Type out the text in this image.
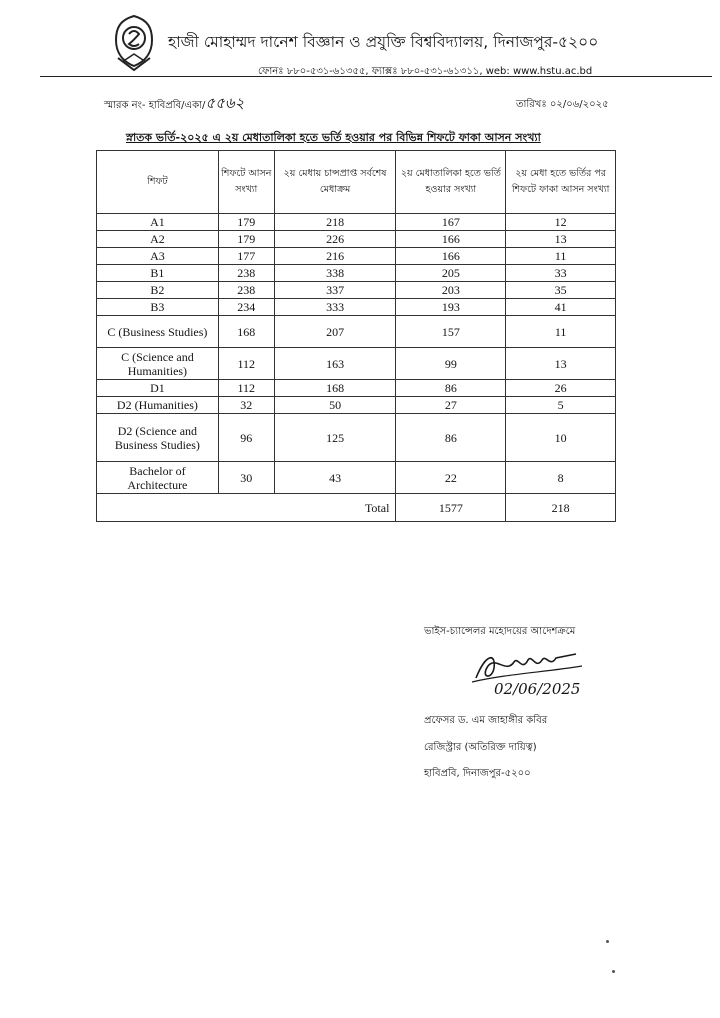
হাজী মোহাম্মদ দানেশ বিজ্ঞান ও প্রযুক্তি বিশ্ববিদ্যালয়, দিনাজপুর-৫২০০
ফোনঃ ৮৮০-৫৩১-৬১৩৫৫, ফ্যাক্সঃ ৮৮০-৫৩১-৬১৩১১, web: www.hstu.ac.bd
স্মারক নং- হাবিপ্রবি/একা/৫৫৬২	তারিখঃ ০২/০৬/২০২৫
স্নাতক ভর্তি-২০২৫ এ ২য় মেধাতালিকা হতে ভর্তি হওয়ার পর বিভিন্ন শিফটে ফাকা আসন সংখ্যা
শিফট	শিফটে আসন সংখ্যা	২য় মেধায় চান্সপ্রাপ্ত সর্বশেষ মেধাক্রম	২য় মেধাতালিকা হতে ভর্তি হওয়ার সংখ্যা	২য় মেধা হতে ভর্তির পর শিফটে ফাকা আসন সংখ্যা
A1	179	218	167	12
A2	179	226	166	13
A3	177	216	166	11
B1	238	338	205	33
B2	238	337	203	35
B3	234	333	193	41
C (Business Studies)	168	207	157	11
C (Science and Humanities)	112	163	99	13
D1	112	168	86	26
D2 (Humanities)	32	50	27	5
D2 (Science and Business Studies)	96	125	86	10
Bachelor of Architecture	30	43	22	8
Total			1577	218
ভাইস-চ্যান্সেলর মহোদয়ের আদেশক্রমে
02/06/2025
প্রফেসর ড. এম জাহাঙ্গীর কবির
রেজিস্ট্রার (অতিরিক্ত দায়িত্ব)
হাবিপ্রবি, দিনাজপুর-৫২০০
